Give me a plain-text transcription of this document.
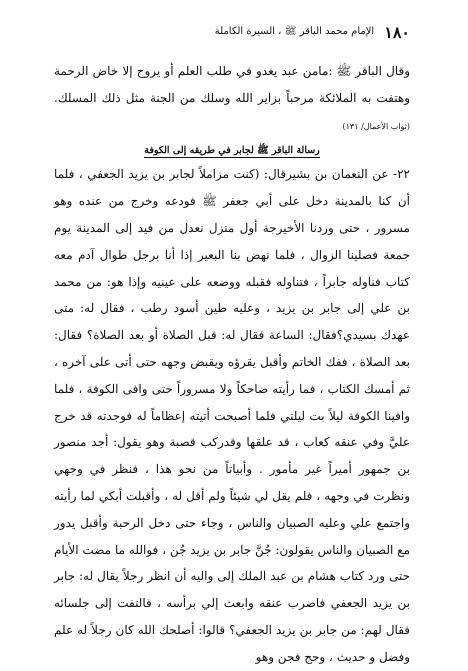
١٨٠
الإمام محمد الباقر ﷺ ، السيرة الكاملة

وقال الباقر ﷺ :مامن عبد يغدو في طلب العلم أو يروح إلا خاض الرحمة وهتفت به الملائكة مرحباً بزاير الله وسلك من الجنة مثل ذلك المسلك. (ثواب الأعمال/ ١٣١)

رسالة الباقر ﷺ لجابر في طريقه إلى الكوفة

٢٢- عن النعمان بن بشيرقال: (كنت مزاملاً لجابر بن يزيد الجعفي ، فلما أن كنا بالمدينة دخل على أبي جعفر ﷺ فودعه وخرج من عنده وهو مسرور ، حتى وردنا الأخيرجة أول منزل نعدل من فيد إلى المدينة يوم جمعة فصلينا الزوال ، فلما نهض بنا البعير إذا أنا برجل طوال آدم معه كتاب فناوله جابراً ، فتناوله فقبله ووضعه على عينيه وإذا هو: من محمد بن علي إلى جابر بن يزيد ، وعليه طين أسود رطب ، فقال له: متى عهدك بسيدي؟فقال: الساعة فقال له: قبل الصلاة أو بعد الصلاة؟ فقال: بعد الصلاة ، ففك الخاتم وأقبل يقرؤه ويقبض وجهه حتى أتى على آخره ، ثم أمسك الكتاب ، فما رأيته ضاحكاً ولا مسروراً حتى وافى الكوفة ، فلما وافينا الكوفة ليلاً بت ليلتي فلما أصبحت أتيته إعظاماً له فوجدته قد خرج عليَّ وفي عنقه كعاب ، قد علقها وقدركب قصبة وهو يقول: أجد منصور بن جمهور أميراً غير مأمور . وأبياتاً من نحو هذا ، فنظر في وجهي ونظرت في وجهه ، فلم يقل لي شيئاً ولم أقل له ، وأقبلت أبكي لما رأيته واجتمع علي وعليه الصبيان والناس ، وجاء حتى دخل الرحبة وأقبل يدور مع الصبيان والناس يقولون: جُنَّ جابر بن يزيد جُن ، فوالله ما مضت الأيام حتى ورد كتاب هشام بن عبد الملك إلى واليه أن انظر رجلاً يقال له: جابر بن يزيد الجعفي فاضرب عنقه وابعث إلي برأسه ، فالتفت إلى جلسائه فقال لهم: من جابر بن يزيد الجعفي؟ قالوا: أصلحك الله كان رجلاً له علم وفضل و حديث ، وحج فجن وهو
